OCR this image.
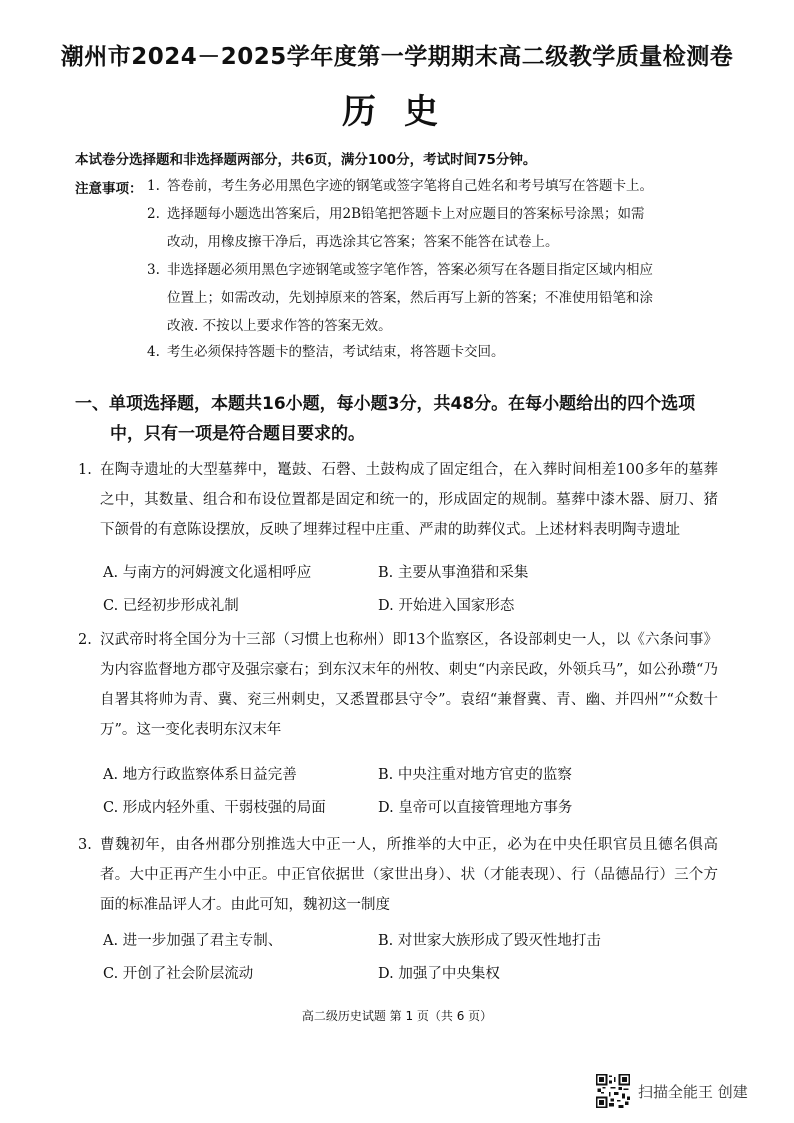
潮州市2024－2025学年度第一学期期末高二级教学质量检测卷
历史
本试卷分选择题和非选择题两部分，共6页，满分100分，考试时间75分钟。
注意事项： 1. 答卷前，考生务必用黑色字迹的钢笔或签字笔将自己姓名和考号填写在答题卡上。
2. 选择题每小题选出答案后，用2B铅笔把答题卡上对应题目的答案标号涂黑；如需
改动，用橡皮擦干净后，再选涂其它答案；答案不能答在试卷上。
3. 非选择题必须用黑色字迹钢笔或签字笔作答，答案必须写在各题目指定区域内相应
位置上；如需改动，先划掉原来的答案，然后再写上新的答案；不准使用铅笔和涂
改液. 不按以上要求作答的答案无效。
4. 考生必须保持答题卡的整洁，考试结束，将答题卡交回。
一、单项选择题，本题共16小题，每小题3分，共48分。在每小题给出的四个选项
中，只有一项是符合题目要求的。
1. 在陶寺遗址的大型墓葬中，鼍鼓、石磬、土鼓构成了固定组合，在入葬时间相差100多年的墓葬之中，其数量、组合和布设位置都是固定和统一的，形成固定的规制。墓葬中漆木器、厨刀、猪下颌骨的有意陈设摆放，反映了埋葬过程中庄重、严肃的助葬仪式。上述材料表明陶寺遗址
A. 与南方的河姆渡文化遥相呼应	B. 主要从事渔猎和采集
C. 已经初步形成礼制	D. 开始进入国家形态
2. 汉武帝时将全国分为十三部（习惯上也称州）即13个监察区，各设部刺史一人，以《六条问事》为内容监督地方郡守及强宗豪右；到东汉末年的州牧、刺史“内亲民政，外领兵马”，如公孙瓒“乃自署其将帅为青、冀、兖三州刺史，又悉置郡县守令”。袁绍“兼督冀、青、幽、并四州”“众数十万”。这一变化表明东汉末年
A. 地方行政监察体系日益完善	B. 中央注重对地方官吏的监察
C. 形成内轻外重、干弱枝强的局面	D. 皇帝可以直接管理地方事务
3. 曹魏初年，由各州郡分别推选大中正一人，所推举的大中正，必为在中央任职官员且德名俱高者。大中正再产生小中正。中正官依据世（家世出身）、状（才能表现）、行（品德品行）三个方面的标准品评人才。由此可知，魏初这一制度
A. 进一步加强了君主专制、	B. 对世家大族形成了毁灭性地打击
C. 开创了社会阶层流动	D. 加强了中央集权
高二级历史试题 第 1 页（共 6 页）
扫描全能王 创建
